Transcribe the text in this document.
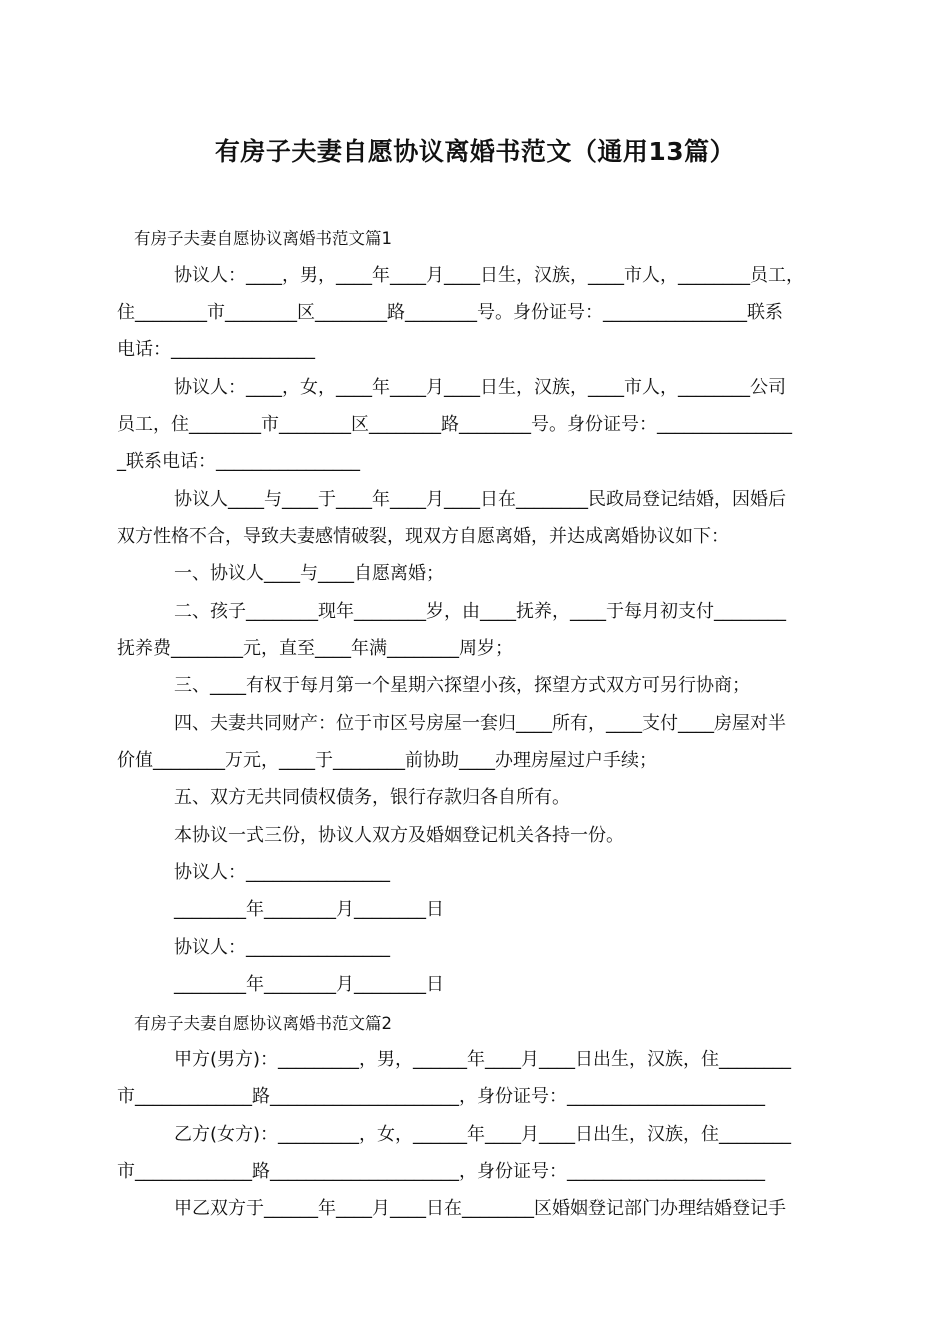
有房子夫妻自愿协议离婚书范文（通用13篇）

有房子夫妻自愿协议离婚书范文篇1

协议人：____，男，____年____月____日生，汉族，____市人，________员工，

住________市________区________路________号。身份证号：________________联系

电话：________________

协议人：____，女，____年____月____日生，汉族，____市人，________公司

员工，住________市________区________路________号。身份证号：_______________

_联系电话：________________

协议人____与____于____年____月____日在________民政局登记结婚，因婚后

双方性格不合，导致夫妻感情破裂，现双方自愿离婚，并达成离婚协议如下：

一、协议人____与____自愿离婚；

二、孩子________现年________岁，由____抚养，____于每月初支付________

抚养费________元，直至____年满________周岁；

三、____有权于每月第一个星期六探望小孩，探望方式双方可另行协商；

四、夫妻共同财产：位于市区号房屋一套归____所有，____支付____房屋对半

价值________万元，____于________前协助____办理房屋过户手续；

五、双方无共同债权债务，银行存款归各自所有。

本协议一式三份，协议人双方及婚姻登记机关各持一份。

协议人：________________

________年________月________日

协议人：________________

________年________月________日

有房子夫妻自愿协议离婚书范文篇2

甲方(男方)：_________，男，______年____月____日出生，汉族，住________

市_____________路_____________________，身份证号：______________________

乙方(女方)：_________，女，______年____月____日出生，汉族，住________

市_____________路_____________________，身份证号：______________________

甲乙双方于______年____月____日在________区婚姻登记部门办理结婚登记手
